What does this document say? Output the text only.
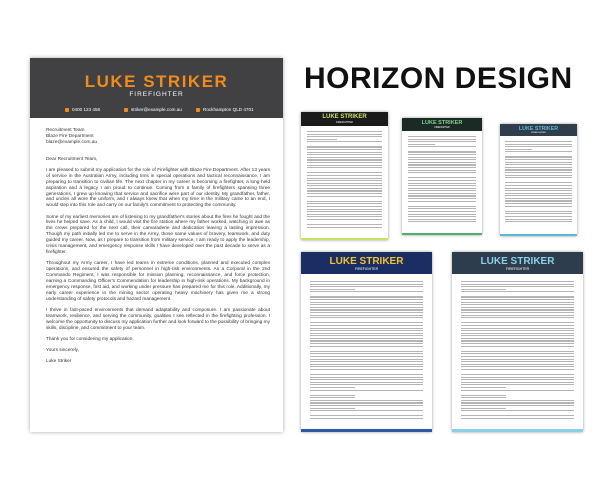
LUKE STRIKER
FIREFIGHTER
0400 123 456	striker@example.com.au	Rockhampton QLD 4701
Recruitment Team
Blaze Fire Department
blaze@example.com.au

Dear Recruitment Team,

I am pleased to submit my application for the role of Firefighter with Blaze Fire Department. After 13 years of service in the Australian Army, including tims in special operations and tactical reconnaissance, I am preparing to transition to civilian life. The next chapter in my career is becoming a firefighter, a long-held aspiration and a legacy I am proud to continue. Coming from a family of firefighters spanning three generations, I grew up knowing that service and sacrifice were part of our identity. My grandfather, father, and uncles all wore the uniform, and I always knew that when my time in the military came to an end, I would step into this role and carry on our family's commitment to protecting the community.

Some of my earliest memories are of listening to my grandfather's stories about the fires he fought and the lives he helped save. As a child, I would visit the fire station where my father worked, watching in awe as the crews prepared for the next call, their camaraderie and dedication leaving a lasting impression. Though my path initially led me to serve in the Army, those same values of bravery, teamwork, and duty guided my career. Now, as I prepare to transition from military service, I am ready to apply the leadership, crisis management, and emergency response skills I have developed over the past decade to serve as a firefighter.

Throughout my Army career, I have led teams in extreme conditions, planned and executed complex operations, and ensured the safety of personnel in high-risk environments. As a Corporal in the 2nd Commando Regiment, I was responsible for mission planning, reconnaissance, and force protection, earning a Commanding Officer's Commendation for leadership in high-risk operations. My background in emergency response, first aid, and working under pressure has prepared me for this role. Additionally, my early career experience in the mining sector operating heavy machinery has given me a strong understanding of safety protocols and hazard management.

I thrive in fast-paced environments that demand adaptability and composure. I am passionate about teamwork, resilience, and serving the community, qualities I see reflected in the firefighting profession. I welcome the opportunity to discuss my application further and look forward to the possibility of bringing my skills, discipline, and commitment to your team.

Thank you for considering my application.

Yours sincerely,

Luke Striker

HORIZON DESIGN
LUKE STRIKER
FIREFIGHTER	LUKE STRIKER
FIREFIGHTER	LUKE STRIKER
FIREFIGHTER
LUKE STRIKER
FIREFIGHTER
LUKE STRIKER
FIREFIGHTER
